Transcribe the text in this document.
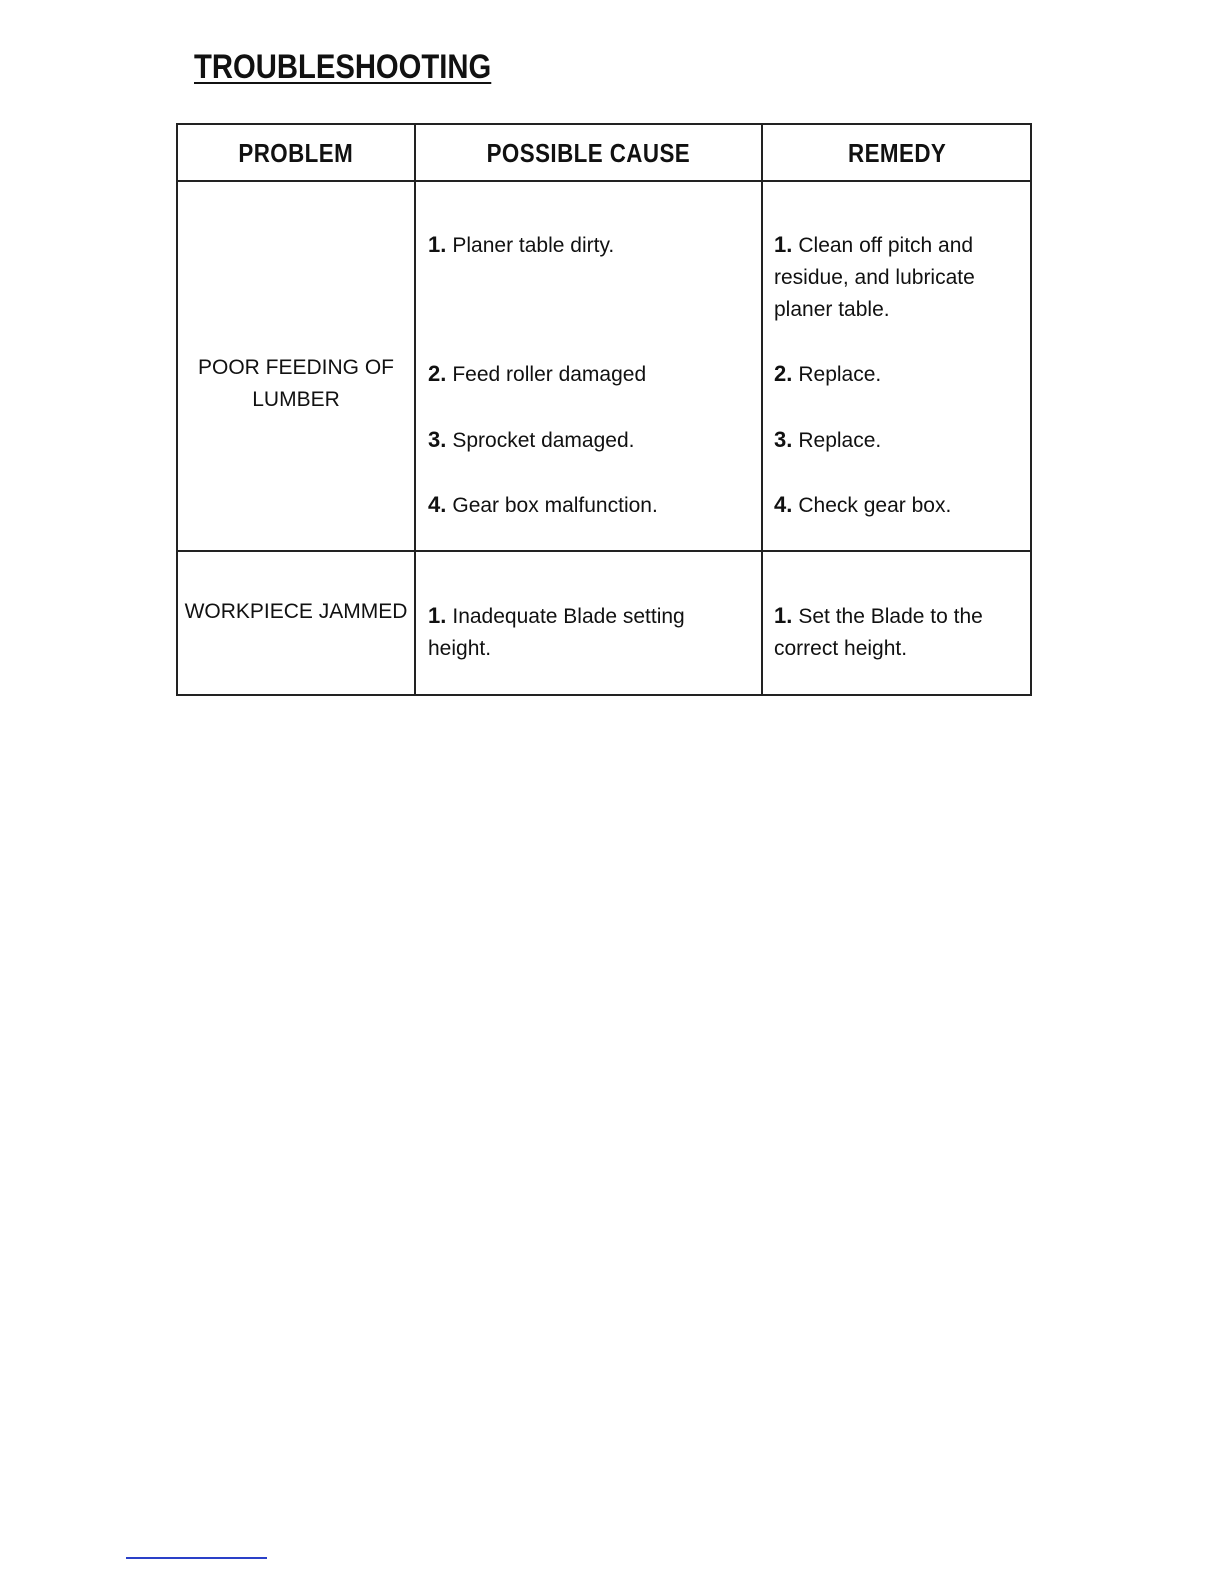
TROUBLESHOOTING
PROBLEM	POSSIBLE CAUSE	REMEDY
POOR FEEDING OF LUMBER
1. Planer table dirty.
2. Feed roller damaged
3. Sprocket damaged.
4. Gear box malfunction.
1. Clean off pitch and residue, and lubricate planer table.
2. Replace.
3. Replace.
4. Check gear box.
WORKPIECE JAMMED 1. Inadequate Blade setting height.
1. Set the Blade to the correct height.
